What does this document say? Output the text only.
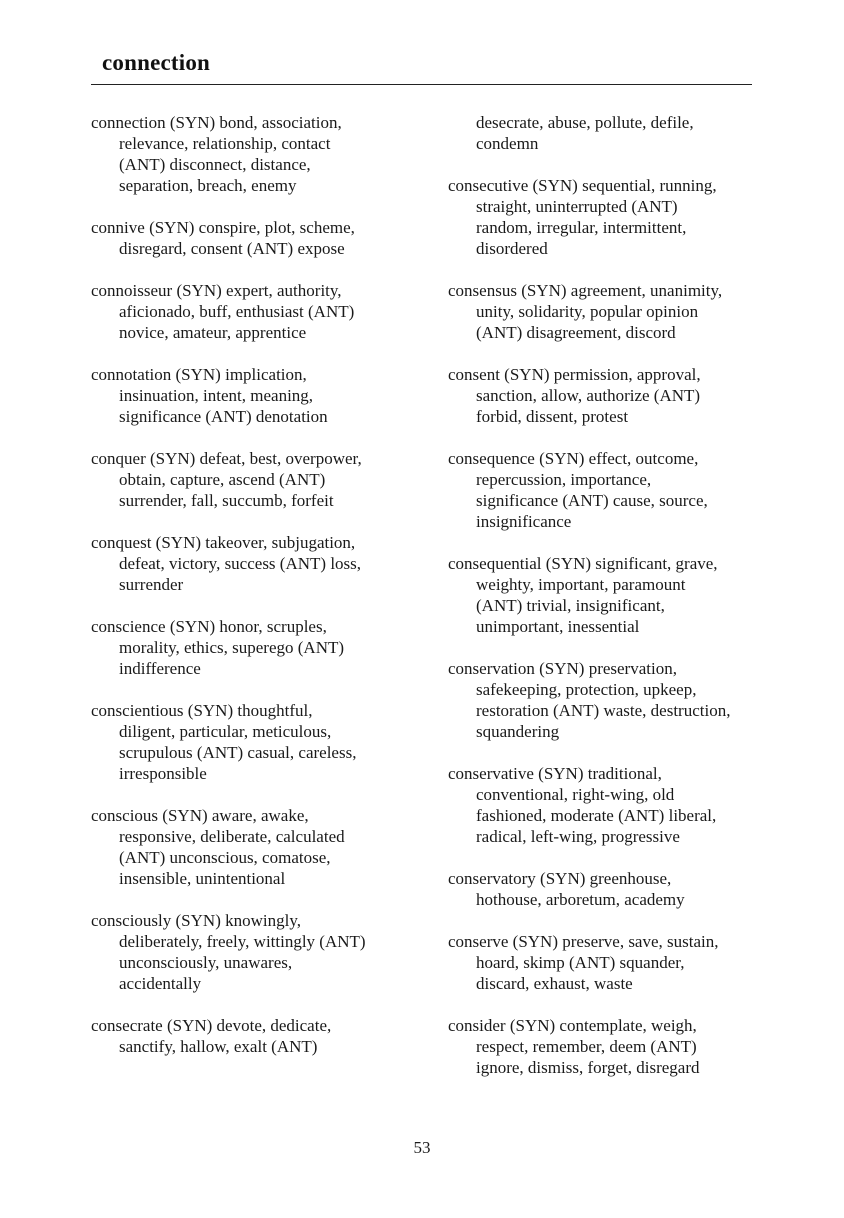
connection
connection (SYN) bond, association,
relevance, relationship, contact
(ANT) disconnect, distance,
separation, breach, enemy
connive (SYN) conspire, plot, scheme,
disregard, consent (ANT) expose
connoisseur (SYN) expert, authority,
aficionado, buff, enthusiast (ANT)
novice, amateur, apprentice
connotation (SYN) implication,
insinuation, intent, meaning,
significance (ANT) denotation
conquer (SYN) defeat, best, overpower,
obtain, capture, ascend (ANT)
surrender, fall, succumb, forfeit
conquest (SYN) takeover, subjugation,
defeat, victory, success (ANT) loss,
surrender
conscience (SYN) honor, scruples,
morality, ethics, superego (ANT)
indifference
conscientious (SYN) thoughtful,
diligent, particular, meticulous,
scrupulous (ANT) casual, careless,
irresponsible
conscious (SYN) aware, awake,
responsive, deliberate, calculated
(ANT) unconscious, comatose,
insensible, unintentional
consciously (SYN) knowingly,
deliberately, freely, wittingly (ANT)
unconsciously, unawares,
accidentally
consecrate (SYN) devote, dedicate,
sanctify, hallow, exalt (ANT)
desecrate, abuse, pollute, defile,
condemn
consecutive (SYN) sequential, running,
straight, uninterrupted (ANT)
random, irregular, intermittent,
disordered
consensus (SYN) agreement, unanimity,
unity, solidarity, popular opinion
(ANT) disagreement, discord
consent (SYN) permission, approval,
sanction, allow, authorize (ANT)
forbid, dissent, protest
consequence (SYN) effect, outcome,
repercussion, importance,
significance (ANT) cause, source,
insignificance
consequential (SYN) significant, grave,
weighty, important, paramount
(ANT) trivial, insignificant,
unimportant, inessential
conservation (SYN) preservation,
safekeeping, protection, upkeep,
restoration (ANT) waste, destruction,
squandering
conservative (SYN) traditional,
conventional, right-wing, old
fashioned, moderate (ANT) liberal,
radical, left-wing, progressive
conservatory (SYN) greenhouse,
hothouse, arboretum, academy
conserve (SYN) preserve, save, sustain,
hoard, skimp (ANT) squander,
discard, exhaust, waste
consider (SYN) contemplate, weigh,
respect, remember, deem (ANT)
ignore, dismiss, forget, disregard
53
